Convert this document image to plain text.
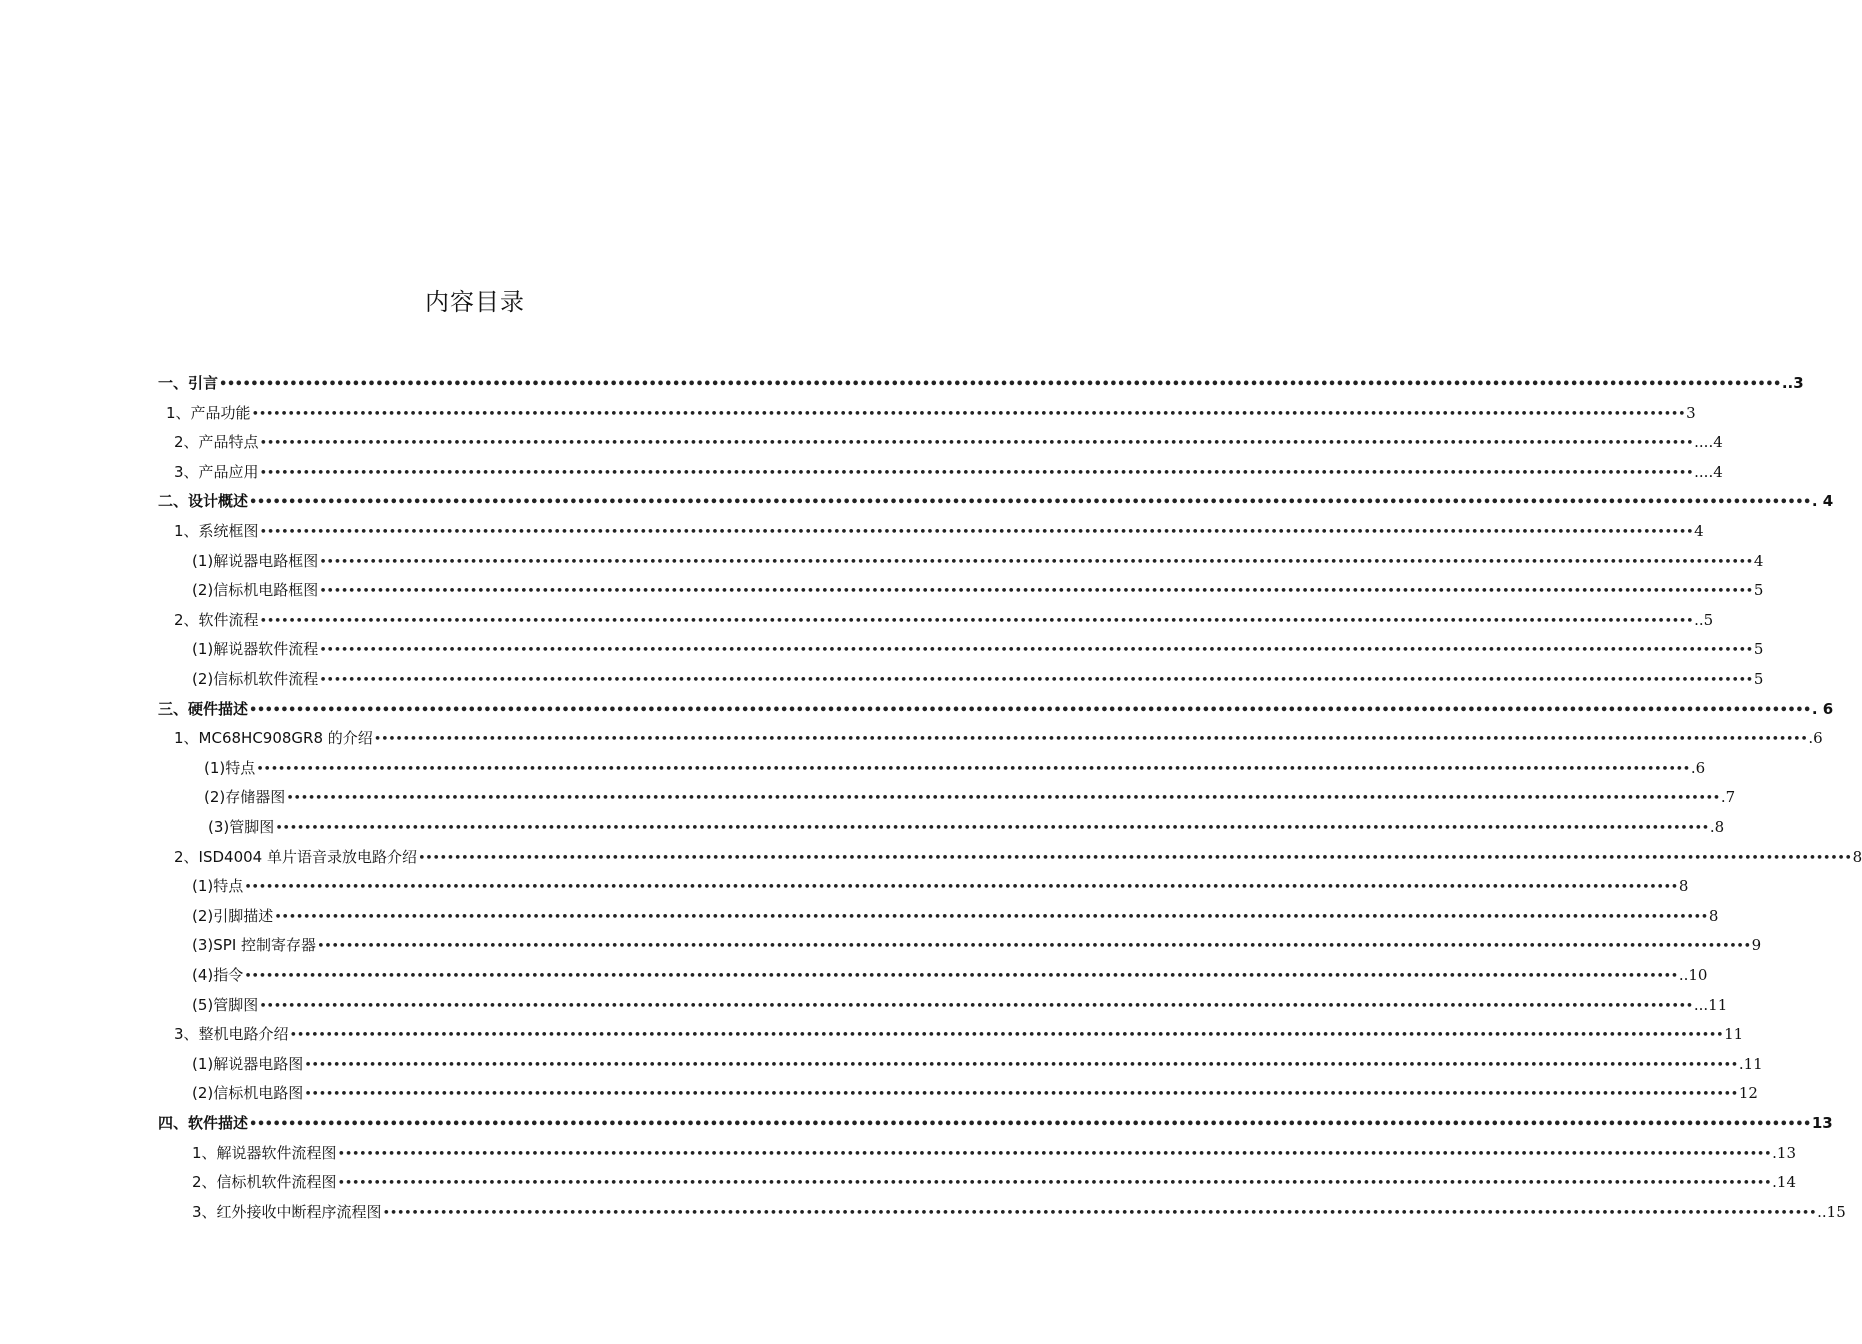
内容目录
一、引言 •••••••••••••••••••••••••••••••••••••••••••••••••••••••••••••••••••••••••••••••••••••••••••••••••••••••••••••••••••••••••••••••••••••••••••••••••••••••••••••••••••••••••••••••••••••••••••••••••••••••• ..3
1、产品功能 •••••••••••••••••••••••••••••••••••••••••••••••••••••••••••••••••••••••••••••••••••••••••••••••••••••••••••••••••••••••••••••••••••••••••••••••••••••••••••••••••••••••••••••••••••••••••••••••••••••••• 3
2、产品特点 •••••••••••••••••••••••••••••••••••••••••••••••••••••••••••••••••••••••••••••••••••••••••••••••••••••••••••••••••••••••••••••••••••••••••••••••••••••••••••••••••••••••••••••••••••••••••••••••••••••••• ....4
3、产品应用 •••••••••••••••••••••••••••••••••••••••••••••••••••••••••••••••••••••••••••••••••••••••••••••••••••••••••••••••••••••••••••••••••••••••••••••••••••••••••••••••••••••••••••••••••••••••••••••••••••••••• ....4
二、设计概述 •••••••••••••••••••••••••••••••••••••••••••••••••••••••••••••••••••••••••••••••••••••••••••••••••••••••••••••••••••••••••••••••••••••••••••••••••••••••••••••••••••••••••••••••••••••••••••••••••••••••• . 4
1、系统框图 •••••••••••••••••••••••••••••••••••••••••••••••••••••••••••••••••••••••••••••••••••••••••••••••••••••••••••••••••••••••••••••••••••••••••••••••••••••••••••••••••••••••••••••••••••••••••••••••••••••••• 4
(1)解说器电路框图 •••••••••••••••••••••••••••••••••••••••••••••••••••••••••••••••••••••••••••••••••••••••••••••••••••••••••••••••••••••••••••••••••••••••••••••••••••••••••••••••••••••••••••••••••••••••••••••••••••••••• 4
(2)信标机电路框图 •••••••••••••••••••••••••••••••••••••••••••••••••••••••••••••••••••••••••••••••••••••••••••••••••••••••••••••••••••••••••••••••••••••••••••••••••••••••••••••••••••••••••••••••••••••••••••••••••••••••• 5
2、软件流程 •••••••••••••••••••••••••••••••••••••••••••••••••••••••••••••••••••••••••••••••••••••••••••••••••••••••••••••••••••••••••••••••••••••••••••••••••••••••••••••••••••••••••••••••••••••••••••••••••••••••• ..5
(1)解说器软件流程 •••••••••••••••••••••••••••••••••••••••••••••••••••••••••••••••••••••••••••••••••••••••••••••••••••••••••••••••••••••••••••••••••••••••••••••••••••••••••••••••••••••••••••••••••••••••••••••••••••••••• 5
(2)信标机软件流程 •••••••••••••••••••••••••••••••••••••••••••••••••••••••••••••••••••••••••••••••••••••••••••••••••••••••••••••••••••••••••••••••••••••••••••••••••••••••••••••••••••••••••••••••••••••••••••••••••••••••• 5
三、硬件描述 •••••••••••••••••••••••••••••••••••••••••••••••••••••••••••••••••••••••••••••••••••••••••••••••••••••••••••••••••••••••••••••••••••••••••••••••••••••••••••••••••••••••••••••••••••••••••••••••••••••••• . 6
1、MC68HC908GR8 的介绍 •••••••••••••••••••••••••••••••••••••••••••••••••••••••••••••••••••••••••••••••••••••••••••••••••••••••••••••••••••••••••••••••••••••••••••••••••••••••••••••••••••••••••••••••••••••••••••••••••••••••• .6
(1)特点 •••••••••••••••••••••••••••••••••••••••••••••••••••••••••••••••••••••••••••••••••••••••••••••••••••••••••••••••••••••••••••••••••••••••••••••••••••••••••••••••••••••••••••••••••••••••••••••••••••••••• .6
(2)存储器图 •••••••••••••••••••••••••••••••••••••••••••••••••••••••••••••••••••••••••••••••••••••••••••••••••••••••••••••••••••••••••••••••••••••••••••••••••••••••••••••••••••••••••••••••••••••••••••••••••••••••• .7
(3)管脚图 •••••••••••••••••••••••••••••••••••••••••••••••••••••••••••••••••••••••••••••••••••••••••••••••••••••••••••••••••••••••••••••••••••••••••••••••••••••••••••••••••••••••••••••••••••••••••••••••••••••••• .8
2、ISD4004 单片语音录放电路介绍 •••••••••••••••••••••••••••••••••••••••••••••••••••••••••••••••••••••••••••••••••••••••••••••••••••••••••••••••••••••••••••••••••••••••••••••••••••••••••••••••••••••••••••••••••••••••••••••••••••••••• 8
(1)特点 •••••••••••••••••••••••••••••••••••••••••••••••••••••••••••••••••••••••••••••••••••••••••••••••••••••••••••••••••••••••••••••••••••••••••••••••••••••••••••••••••••••••••••••••••••••••••••••••••••••••• 8
(2)引脚描述 •••••••••••••••••••••••••••••••••••••••••••••••••••••••••••••••••••••••••••••••••••••••••••••••••••••••••••••••••••••••••••••••••••••••••••••••••••••••••••••••••••••••••••••••••••••••••••••••••••••••• 8
(3)SPI 控制寄存器 •••••••••••••••••••••••••••••••••••••••••••••••••••••••••••••••••••••••••••••••••••••••••••••••••••••••••••••••••••••••••••••••••••••••••••••••••••••••••••••••••••••••••••••••••••••••••••••••••••••••• 9
(4)指令 •••••••••••••••••••••••••••••••••••••••••••••••••••••••••••••••••••••••••••••••••••••••••••••••••••••••••••••••••••••••••••••••••••••••••••••••••••••••••••••••••••••••••••••••••••••••••••••••••••••••• ..10
(5)管脚图 •••••••••••••••••••••••••••••••••••••••••••••••••••••••••••••••••••••••••••••••••••••••••••••••••••••••••••••••••••••••••••••••••••••••••••••••••••••••••••••••••••••••••••••••••••••••••••••••••••••••• ...11
3、整机电路介绍 •••••••••••••••••••••••••••••••••••••••••••••••••••••••••••••••••••••••••••••••••••••••••••••••••••••••••••••••••••••••••••••••••••••••••••••••••••••••••••••••••••••••••••••••••••••••••••••••••••••••• 11
(1)解说器电路图 •••••••••••••••••••••••••••••••••••••••••••••••••••••••••••••••••••••••••••••••••••••••••••••••••••••••••••••••••••••••••••••••••••••••••••••••••••••••••••••••••••••••••••••••••••••••••••••••••••••••• .11
(2)信标机电路图 •••••••••••••••••••••••••••••••••••••••••••••••••••••••••••••••••••••••••••••••••••••••••••••••••••••••••••••••••••••••••••••••••••••••••••••••••••••••••••••••••••••••••••••••••••••••••••••••••••••••• 12
四、软件描述 •••••••••••••••••••••••••••••••••••••••••••••••••••••••••••••••••••••••••••••••••••••••••••••••••••••••••••••••••••••••••••••••••••••••••••••••••••••••••••••••••••••••••••••••••••••••••••••••••••••••• 13
1、解说器软件流程图 •••••••••••••••••••••••••••••••••••••••••••••••••••••••••••••••••••••••••••••••••••••••••••••••••••••••••••••••••••••••••••••••••••••••••••••••••••••••••••••••••••••••••••••••••••••••••••••••••••••••• .13
2、信标机软件流程图 •••••••••••••••••••••••••••••••••••••••••••••••••••••••••••••••••••••••••••••••••••••••••••••••••••••••••••••••••••••••••••••••••••••••••••••••••••••••••••••••••••••••••••••••••••••••••••••••••••••••• .14
3、红外接收中断程序流程图 •••••••••••••••••••••••••••••••••••••••••••••••••••••••••••••••••••••••••••••••••••••••••••••••••••••••••••••••••••••••••••••••••••••••••••••••••••••••••••••••••••••••••••••••••••••••••••••••••••••••• ..15
